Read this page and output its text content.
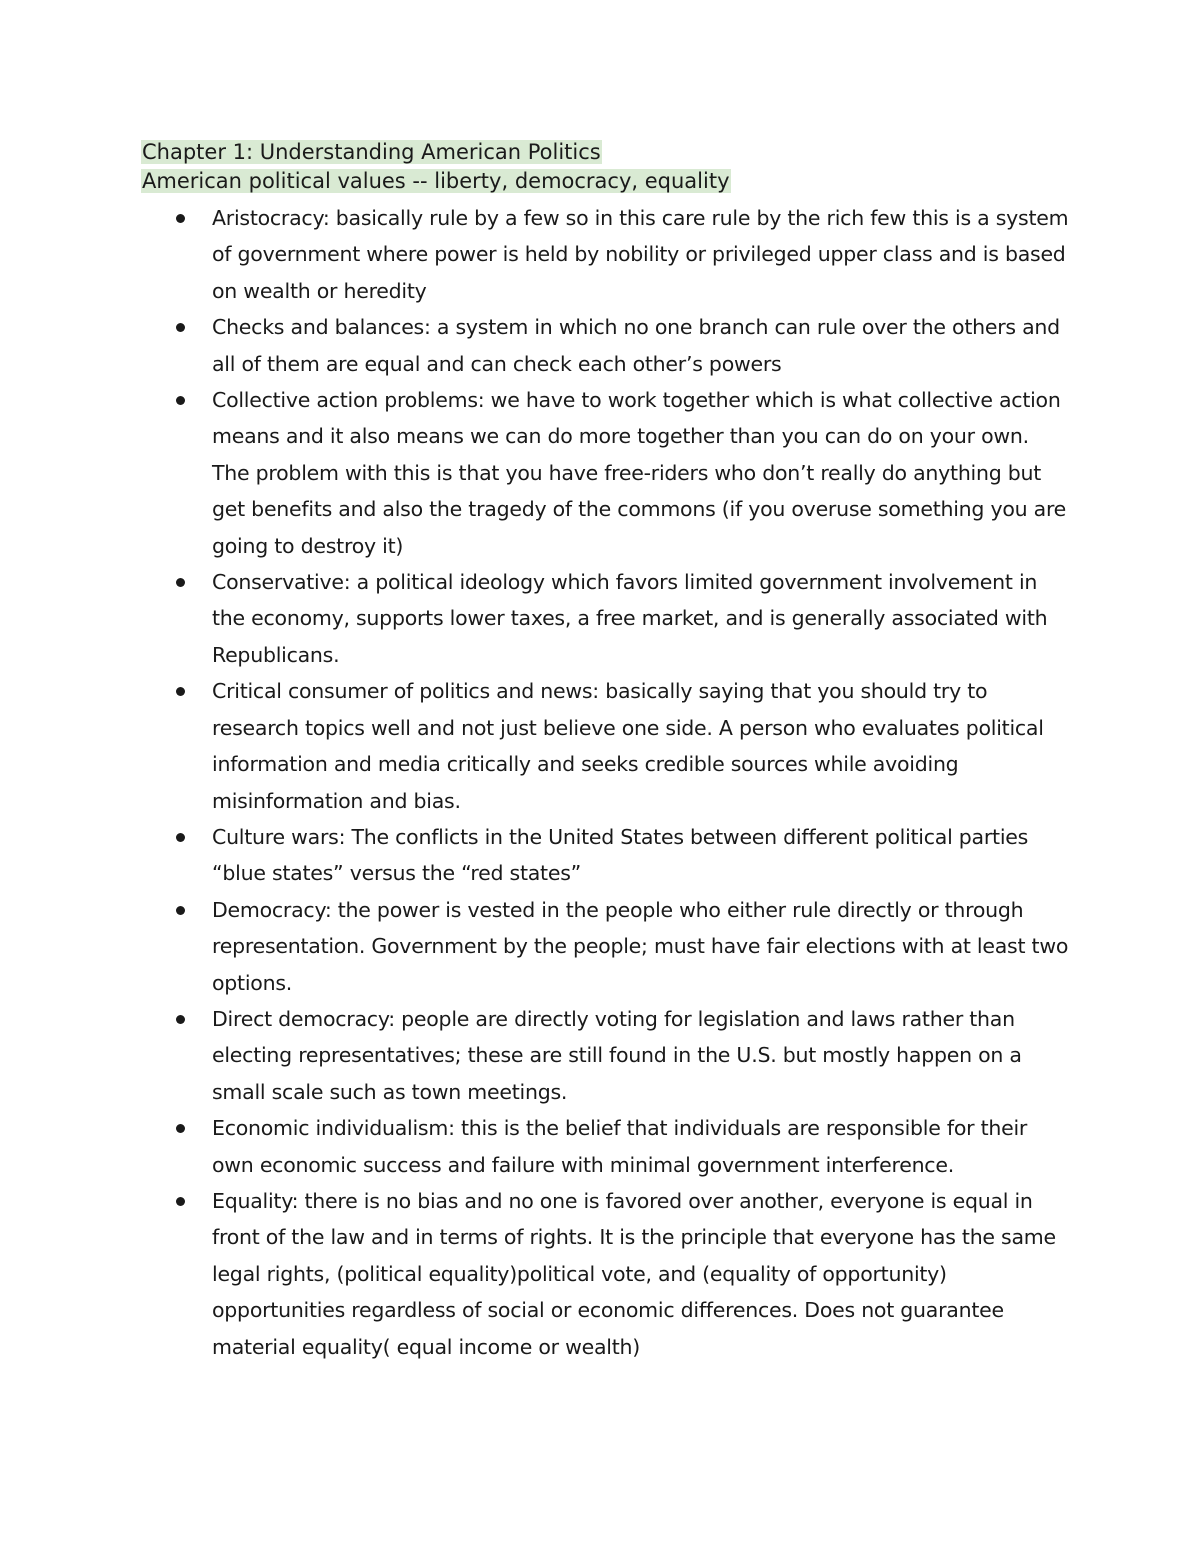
Chapter 1: Understanding American Politics
American political values -- liberty, democracy, equality
Aristocracy: basically rule by a few so in this care rule by the rich few this is a system of government where power is held by nobility or privileged upper class and is based on wealth or heredity
Checks and balances: a system in which no one branch can rule over the others and all of them are equal and can check each other’s powers
Collective action problems: we have to work together which is what collective action means and it also means we can do more together than you can do on your own. The problem with this is that you have free-riders who don’t really do anything but get benefits and also the tragedy of the commons (if you overuse something you are going to destroy it)
Conservative: a political ideology which favors limited government involvement in the economy, supports lower taxes, a free market, and is generally associated with Republicans.
Critical consumer of politics and news: basically saying that you should try to research topics well and not just believe one side. A person who evaluates political information and media critically and seeks credible sources while avoiding misinformation and bias.
Culture wars: The conflicts in the United States between different political parties “blue states” versus the “red states”
Democracy: the power is vested in the people who either rule directly or through representation. Government by the people; must have fair elections with at least two options.
Direct democracy: people are directly voting for legislation and laws rather than electing representatives; these are still found in the U.S. but mostly happen on a small scale such as town meetings.
Economic individualism: this is the belief that individuals are responsible for their own economic success and failure with minimal government interference.
Equality: there is no bias and no one is favored over another, everyone is equal in front of the law and in terms of rights. It is the principle that everyone has the same legal rights, (political equality)political vote, and (equality of opportunity) opportunities regardless of social or economic differences. Does not guarantee material equality( equal income or wealth)
